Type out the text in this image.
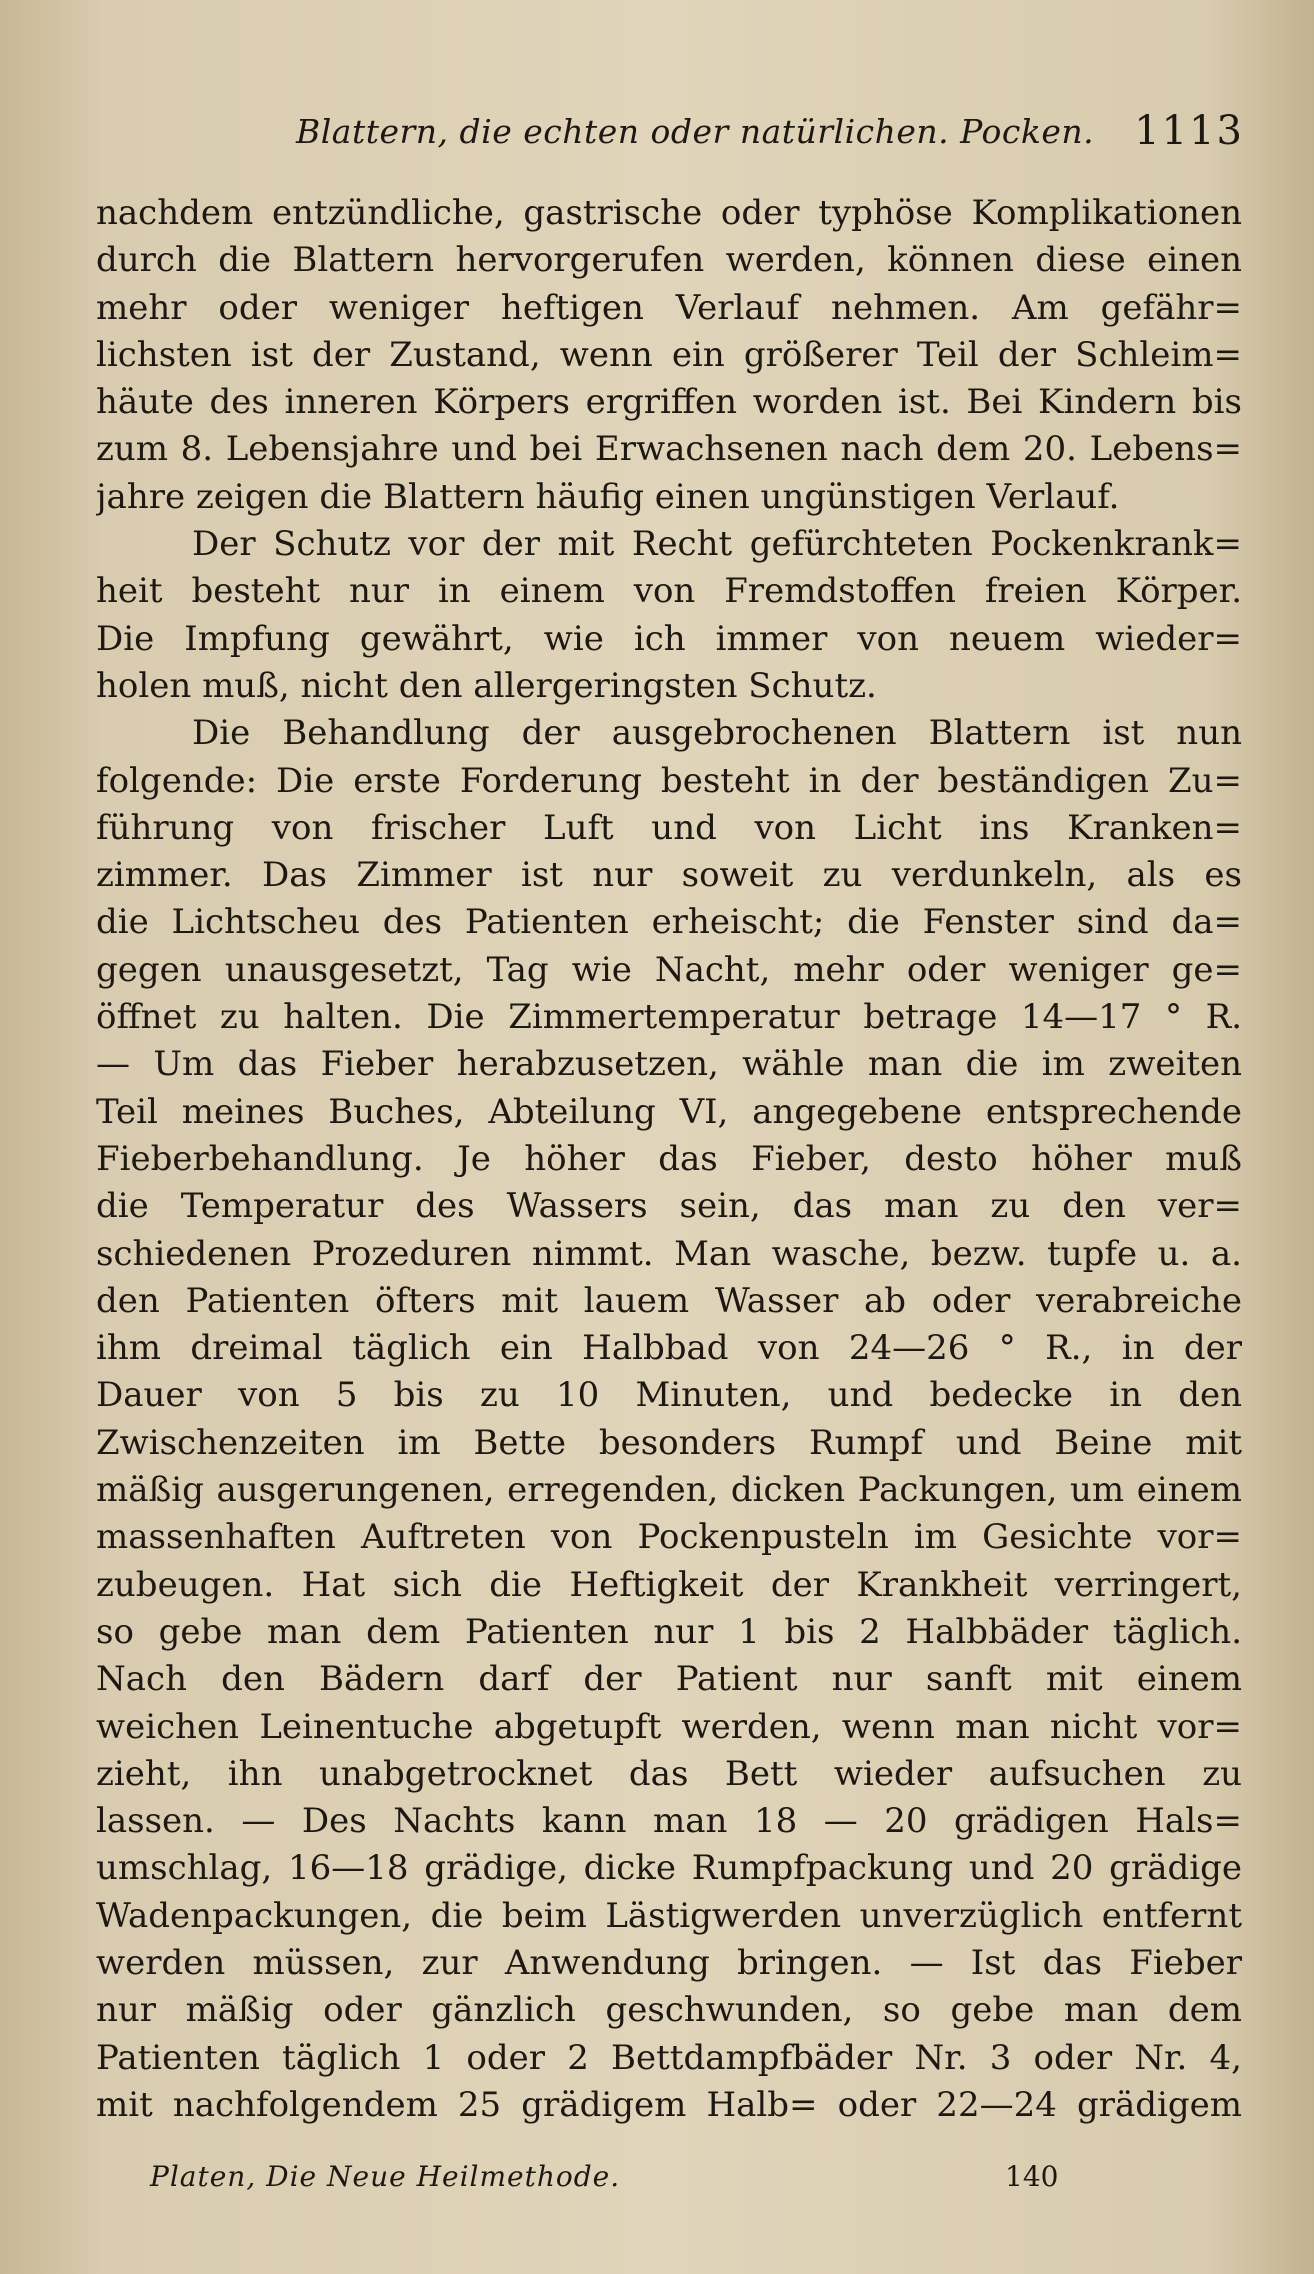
Blattern, die echten oder natürlichen. Pocken. 1113
nachdem entzündliche, gastrische oder typhöse Komplikationen
durch die Blattern hervorgerufen werden, können diese einen
mehr oder weniger heftigen Verlauf nehmen. Am gefähr=
lichsten ist der Zustand, wenn ein größerer Teil der Schleim=
häute des inneren Körpers ergriffen worden ist. Bei Kindern bis
zum 8. Lebensjahre und bei Erwachsenen nach dem 20. Lebens=
jahre zeigen die Blattern häufig einen ungünstigen Verlauf.
Der Schutz vor der mit Recht gefürchteten Pockenkrank=
heit besteht nur in einem von Fremdstoffen freien Körper.
Die Impfung gewährt, wie ich immer von neuem wieder=
holen muß, nicht den allergeringsten Schutz.
Die Behandlung der ausgebrochenen Blattern ist nun
folgende: Die erste Forderung besteht in der beständigen Zu=
führung von frischer Luft und von Licht ins Kranken=
zimmer. Das Zimmer ist nur soweit zu verdunkeln, als es
die Lichtscheu des Patienten erheischt; die Fenster sind da=
gegen unausgesetzt, Tag wie Nacht, mehr oder weniger ge=
öffnet zu halten. Die Zimmertemperatur betrage 14—17 ° R.
— Um das Fieber herabzusetzen, wähle man die im zweiten
Teil meines Buches, Abteilung VI, angegebene entsprechende
Fieberbehandlung. Je höher das Fieber, desto höher muß
die Temperatur des Wassers sein, das man zu den ver=
schiedenen Prozeduren nimmt. Man wasche, bezw. tupfe u. a.
den Patienten öfters mit lauem Wasser ab oder verabreiche
ihm dreimal täglich ein Halbbad von 24—26 ° R., in der
Dauer von 5 bis zu 10 Minuten, und bedecke in den
Zwischenzeiten im Bette besonders Rumpf und Beine mit
mäßig ausgerungenen, erregenden, dicken Packungen, um einem
massenhaften Auftreten von Pockenpusteln im Gesichte vor=
zubeugen. Hat sich die Heftigkeit der Krankheit verringert,
so gebe man dem Patienten nur 1 bis 2 Halbbäder täglich.
Nach den Bädern darf der Patient nur sanft mit einem
weichen Leinentuche abgetupft werden, wenn man nicht vor=
zieht, ihn unabgetrocknet das Bett wieder aufsuchen zu
lassen. — Des Nachts kann man 18 — 20 grädigen Hals=
umschlag, 16—18 grädige, dicke Rumpfpackung und 20 grädige
Wadenpackungen, die beim Lästigwerden unverzüglich entfernt
werden müssen, zur Anwendung bringen. — Ist das Fieber
nur mäßig oder gänzlich geschwunden, so gebe man dem
Patienten täglich 1 oder 2 Bettdampfbäder Nr. 3 oder Nr. 4,
mit nachfolgendem 25 grädigem Halb= oder 22—24 grädigem
Platen, Die Neue Heilmethode.	140
